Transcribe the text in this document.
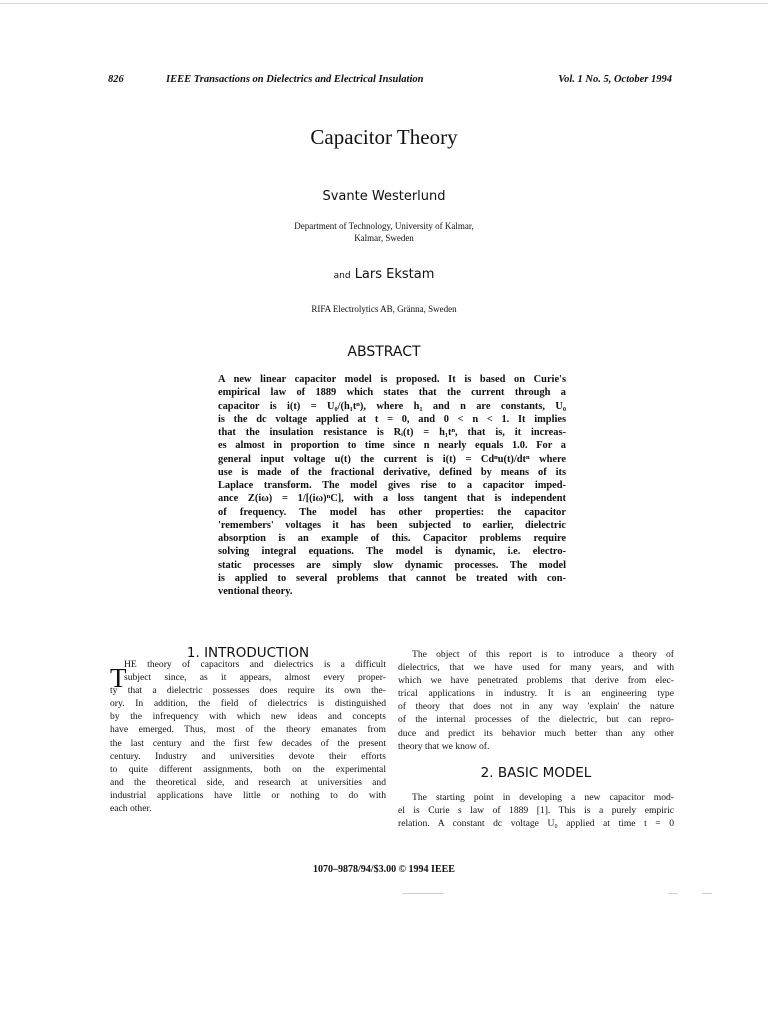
826	IEEE Transactions on Dielectrics and Electrical Insulation	Vol. 1 No. 5, October 1994
Capacitor Theory
Svante Westerlund
Department of Technology, University of Kalmar,
Kalmar, Sweden
and Lars Ekstam
RIFA Electrolytics AB, Gränna, Sweden
ABSTRACT
A new linear capacitor model is proposed. It is based on Curie's
empirical law of 1889 which states that the current through a
capacitor is i(t) = U₀/(h₁tⁿ), where h₁ and n are constants, U₀
is the dc voltage applied at t = 0, and 0 < n < 1. It implies
that the insulation resistance is Rᵢ(t) = h₁tⁿ, that is, it increas-
es almost in proportion to time since n nearly equals 1.0. For a
general input voltage u(t) the current is i(t) = Cdⁿu(t)/dtⁿ where
use is made of the fractional derivative, defined by means of its
Laplace transform. The model gives rise to a capacitor imped-
ance Z(iω) = 1/[(iω)ⁿC], with a loss tangent that is independent
of frequency. The model has other properties: the capacitor
'remembers' voltages it has been subjected to earlier, dielectric
absorption is an example of this. Capacitor problems require
solving integral equations. The model is dynamic, i.e. electro-
static processes are simply slow dynamic processes. The model
is applied to several problems that cannot be treated with con-
ventional theory.
1. INTRODUCTION
T
HE theory of capacitors and dielectrics is a difficult
subject since, as it appears, almost every proper-
ty that a dielectric possesses does require its own the-
ory. In addition, the field of dielectrics is distinguished
by the infrequency with which new ideas and concepts
have emerged. Thus, most of the theory emanates from
the last century and the first few decades of the present
century. Industry and universities devote their efforts
to quite different assignments, both on the experimental
and the theoretical side, and research at universities and
industrial applications have little or nothing to do with
each other.
The object of this report is to introduce a theory of
dielectrics, that we have used for many years, and with
which we have penetrated problems that derive from elec-
trical applications in industry. It is an engineering type
of theory that does not in any way 'explain' the nature
of the internal processes of the dielectric, but can repro-
duce and predict its behavior much better than any other
theory that we know of.
2. BASIC MODEL
The starting point in developing a new capacitor mod-
el is Curie s law of 1889 [1]. This is a purely empiric
relation. A constant dc voltage U₀ applied at time t = 0
1070–9878/94/$3.00 © 1994 IEEE
